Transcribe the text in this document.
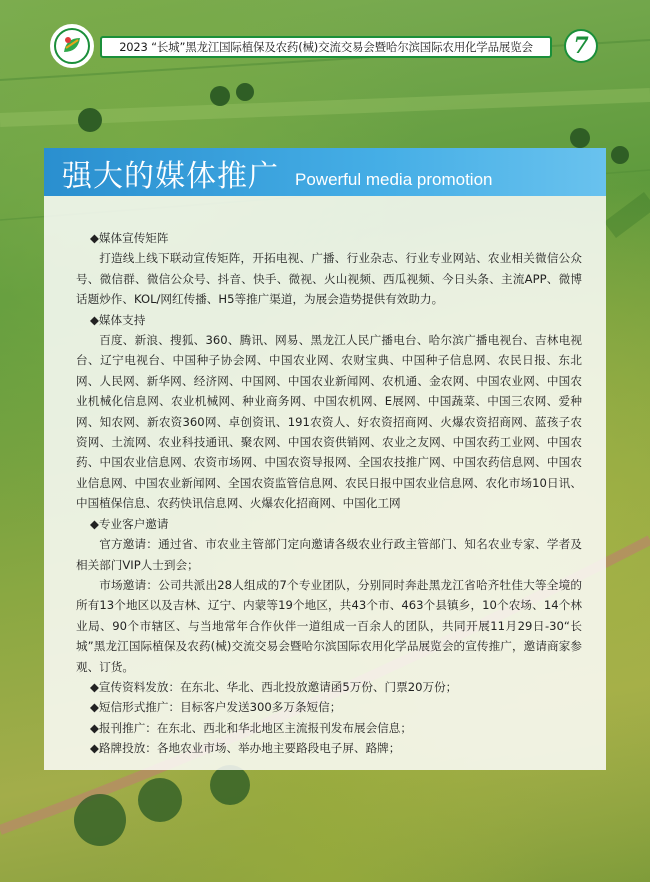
2023 “长城”黑龙江国际植保及农药(械)交流交易会暨哈尔滨国际农用化学品展览会 7
强大的媒体推广 Powerful media promotion

◆媒体宣传矩阵

打造线上线下联动宣传矩阵，开拓电视、广播、行业杂志、行业专业网站、农业相关微信公众号、微信群、微信公众号、抖音、快手、微视、火山视频、西瓜视频、今日头条、主流APP、微博话题炒作、KOL/网红传播、H5等推广渠道，为展会造势提供有效助力。

◆媒体支持

百度、新浪、搜狐、360、腾讯、网易、黑龙江人民广播电台、哈尔滨广播电视台、吉林电视台、辽宁电视台、中国种子协会网、中国农业网、农财宝典、中国种子信息网、农民日报、东北网、人民网、新华网、经济网、中国网、中国农业新闻网、农机通、金农网、中国农业网、中国农业机械化信息网、农业机械网、种业商务网、中国农机网、E展网、中国蔬菜、中国三农网、爱种网、知农网、新农资360网、卓创资讯、191农资人、好农资招商网、火爆农资招商网、蓝孩子农资网、土流网、农业科技通讯、聚农网、中国农资供销网、农业之友网、中国农药工业网、中国农药、中国农业信息网、农资市场网、中国农资导报网、全国农技推广网、中国农药信息网、中国农业信息网、中国农业新闻网、全国农资监管信息网、农民日报中国农业信息网、农化市场10日讯、中国植保信息、农药快讯信息网、火爆农化招商网、中国化工网

◆专业客户邀请

官方邀请：通过省、市农业主管部门定向邀请各级农业行政主管部门、知名农业专家、学者及相关部门VIP人士到会；

市场邀请：公司共派出28人组成的7个专业团队，分别同时奔赴黑龙江省哈齐牡佳大等全境的所有13个地区以及吉林、辽宁、内蒙等19个地区，共43个市、463个县镇乡，10个农场、14个林业局、90个市辖区、与当地常年合作伙伴一道组成一百余人的团队，共同开展11月29日-30“长城”黑龙江国际植保及农药(械)交流交易会暨哈尔滨国际农用化学品展览会的宣传推广，邀请商家参观、订货。

◆宣传资料发放：在东北、华北、西北投放邀请函5万份、门票20万份；

◆短信形式推广：目标客户发送300多万条短信；

◆报刊推广：在东北、西北和华北地区主流报刊发布展会信息；

◆路牌投放：各地农业市场、举办地主要路段电子屏、路牌；
